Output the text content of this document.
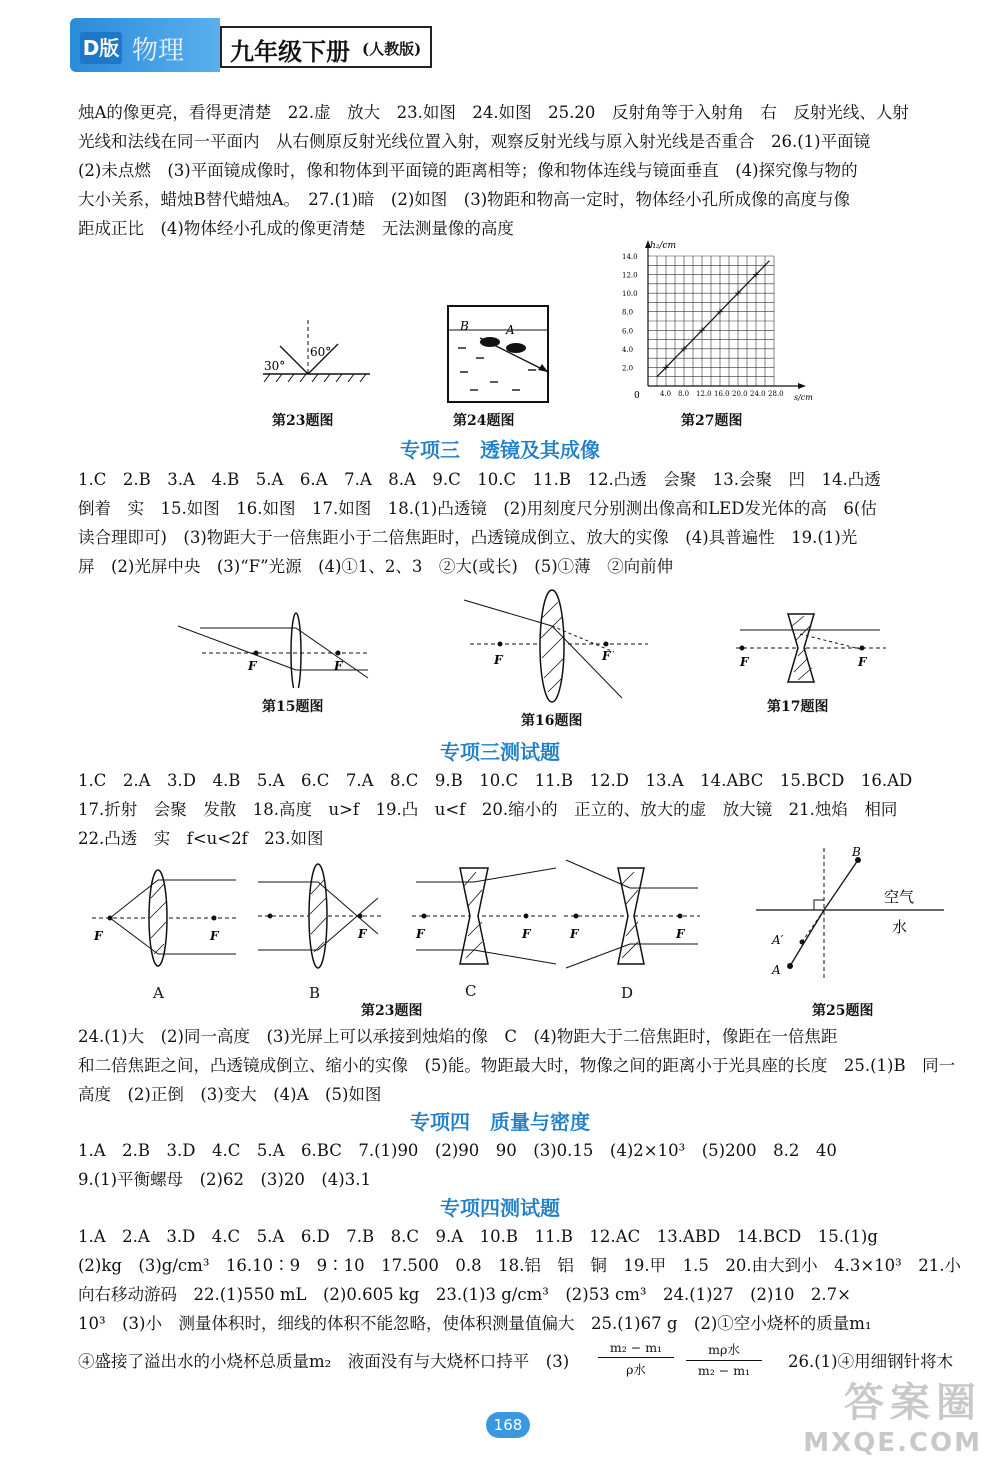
D版 物理 九年级下册 (人教版)
烛A的像更亮，看得更清楚　22.虚　放大　23.如图　24.如图　25.20　反射角等于入射角　右　反射光线、人射
光线和法线在同一平面内　从右侧原反射光线位置入射，观察反射光线与原入射光线是否重合　26.(1)平面镜
(2)未点燃　(3)平面镜成像时，像和物体到平面镜的距离相等；像和物体连线与镜面垂直　(4)探究像与物的
大小关系，蜡烛B替代蜡烛A。　27.(1)暗　(2)如图　(3)物距和物高一定时，物体经小孔所成像的高度与像
距成正比　(4)物体经小孔成的像更清楚　无法测量像的高度
30°
60°
第23题图
B	A
第24题图
4.0 8.0 12.0 16.0 20.0 24.0 28.0
2.0
4.0
6.0
8.0
10.0
12.0
14.0
h₂/cm
s/cm
0
第27题图
专项三　透镜及其成像
1.C　2.B　3.A　4.B　5.A　6.A　7.A　8.A　9.C　10.C　11.B　12.凸透　会聚　13.会聚　凹　14.凸透
倒着　实　15.如图　16.如图　17.如图　18.(1)凸透镜　(2)用刻度尺分别测出像高和LED发光体的高　6(估
读合理即可)　(3)物距大于一倍焦距小于二倍焦距时，凸透镜成倒立、放大的实像　(4)具普遍性　19.(1)光
屏　(2)光屏中央　(3)“F”光源　(4)①1、2、3　②大(或长)　(5)①薄　②向前伸
F	F
第15题图
F	F
第16题图
F	F
第17题图
专项三测试题
1.C　2.A　3.D　4.B　5.A　6.C　7.A　8.C　9.B　10.C　11.B　12.D　13.A　14.ABC　15.BCD　16.AD
17.折射　会聚　发散　18.高度　u>f　19.凸　u<f　20.缩小的　正立的、放大的虚　放大镜　21.烛焰　相同
22.凸透　实　f<u<2f　23.如图
F	F
A
F
B
F	F
C
F	F
D
第23题图
B
A′
A
空气
水
第25题图
24.(1)大　(2)同一高度　(3)光屏上可以承接到烛焰的像　C　(4)物距大于二倍焦距时，像距在一倍焦距
和二倍焦距之间，凸透镜成倒立、缩小的实像　(5)能。物距最大时，物像之间的距离小于光具座的长度　25.(1)B　同一
高度　(2)正倒　(3)变大　(4)A　(5)如图
专项四　质量与密度
1.A　2.B　3.D　4.C　5.A　6.BC　7.(1)90　(2)90　90　(3)0.15　(4)2×10³　(5)200　8.2　40
9.(1)平衡螺母　(2)62　(3)20　(4)3.1
专项四测试题
1.A　2.A　3.D　4.C　5.A　6.D　7.B　8.C　9.A　10.B　11.B　12.AC　13.ABD　14.BCD　15.(1)g
(2)kg　(3)g/cm³　16.10∶9　9∶10　17.500　0.8　18.铝　铝　铜　19.甲　1.5　20.由大到小　4.3×10³　21.小
向右移动游码　22.(1)550 mL　(2)0.605 kg　23.(1)3 g/cm³　(2)53 cm³　24.(1)27　(2)10　2.7×
10³　(3)小　测量体积时，细线的体积不能忽略，使体积测量值偏大　25.(1)67 g　(2)①空小烧杯的质量m₁
④盛接了溢出水的小烧杯总质量m₂　液面没有与大烧杯口持平　(3)
m₂ − m₁
ρ水
mρ水
m₂ − m₁	26.(1)④用细钢针将木
168	答案圈
MXQE.COM
